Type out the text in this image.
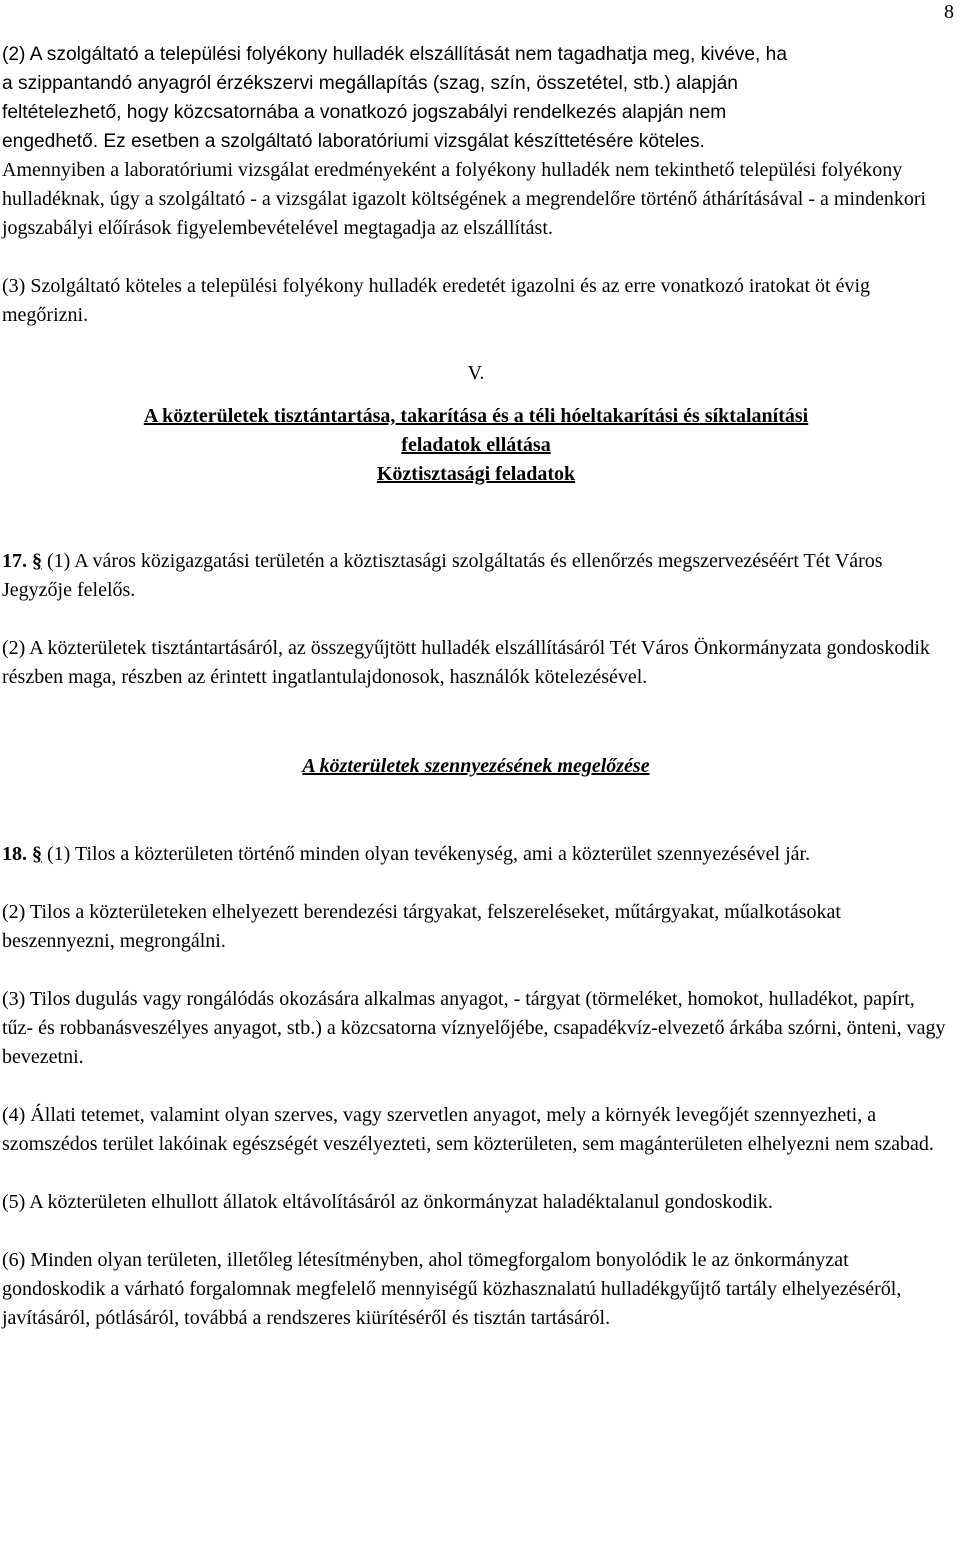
8
(2) A szolgáltató a települési folyékony hulladék elszállítását nem tagadhatja meg, kivéve, ha
a szippantandó anyagról érzékszervi megállapítás (szag, szín, összetétel, stb.) alapján
feltételezhető, hogy közcsatornába a vonatkozó jogszabályi rendelkezés alapján nem
engedhető. Ez esetben a szolgáltató laboratóriumi vizsgálat készíttetésére köteles.
Amennyiben a laboratóriumi vizsgálat eredményeként a folyékony hulladék nem tekinthető települési folyékony hulladéknak, úgy a szolgáltató - a vizsgálat igazolt költségének a megrendelőre történő áthárításával - a mindenkori jogszabályi előírások figyelembevételével megtagadja az elszállítást.

(3) Szolgáltató köteles a települési folyékony hulladék eredetét igazolni és az erre vonatkozó iratokat öt évig megőrizni.

V.
A közterületek tisztántartása, takarítása és a téli hóeltakarítási és síktalanítási
feladatok ellátása
Köztisztasági feladatok

17. § (1) A város közigazgatási területén a köztisztasági szolgáltatás és ellenőrzés megszervezéséért Tét Város Jegyzője felelős.

(2) A közterületek tisztántartásáról, az összegyűjtött hulladék elszállításáról Tét Város Önkormányzata gondoskodik részben maga, részben az érintett ingatlantulajdonosok, használók kötelezésével.

A közterületek szennyezésének megelőzése

18. § (1) Tilos a közterületen történő minden olyan tevékenység, ami a közterület szennyezésével jár.

(2) Tilos a közterületeken elhelyezett berendezési tárgyakat, felszereléseket, műtárgyakat, műalkotásokat beszennyezni, megrongálni.

(3) Tilos dugulás vagy rongálódás okozására alkalmas anyagot, - tárgyat (törmeléket, homokot, hulladékot, papírt, tűz- és robbanásveszélyes anyagot, stb.) a közcsatorna víznyelőjébe, csapadékvíz-elvezető árkába szórni, önteni, vagy bevezetni.

(4) Állati tetemet, valamint olyan szerves, vagy szervetlen anyagot, mely a környék levegőjét szennyezheti, a szomszédos terület lakóinak egészségét veszélyezteti, sem közterületen, sem magánterületen elhelyezni nem szabad.

(5) A közterületen elhullott állatok eltávolításáról az önkormányzat haladéktalanul gondoskodik.

(6) Minden olyan területen, illetőleg létesítményben, ahol tömegforgalom bonyolódik le az önkormányzat gondoskodik a várható forgalomnak megfelelő mennyiségű közhasznalatú hulladékgyűjtő tartály elhelyezéséről, javításáról, pótlásáról, továbbá a rendszeres kiürítéséről és tisztán tartásáról.
